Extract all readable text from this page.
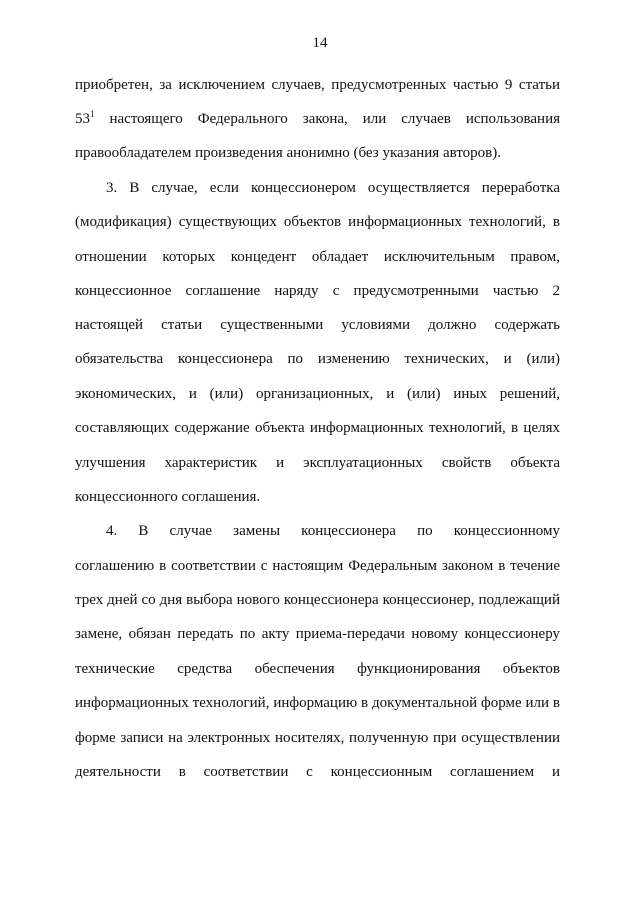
14
приобретен, за исключением случаев, предусмотренных частью 9 статьи
$53^1$ настоящего Федерального закона, или случаев использования
правообладателем произведения анонимно (без указания авторов).
3. В случае, если концессионером осуществляется переработка
(модификация) существующих объектов информационных технологий, в
отношении которых концедент обладает исключительным правом,
концессионное соглашение наряду с предусмотренными частью 2
настоящей статьи существенными условиями должно содержать
обязательства концессионера по изменению технических, и (или)
экономических, и (или) организационных, и (или) иных решений,
составляющих содержание объекта информационных технологий, в целях
улучшения характеристик и эксплуатационных свойств объекта
концессионного соглашения.
4. В случае замены концессионера по концессионному
соглашению в соответствии с настоящим Федеральным законом в течение
трех дней со дня выбора нового концессионера концессионер, подлежащий
замене, обязан передать по акту приема-передачи новому концессионеру
технические средства обеспечения функционирования объектов
информационных технологий, информацию в документальной форме или в
форме записи на электронных носителях, полученную при осуществлении
деятельности в соответствии с концессионным соглашением и
